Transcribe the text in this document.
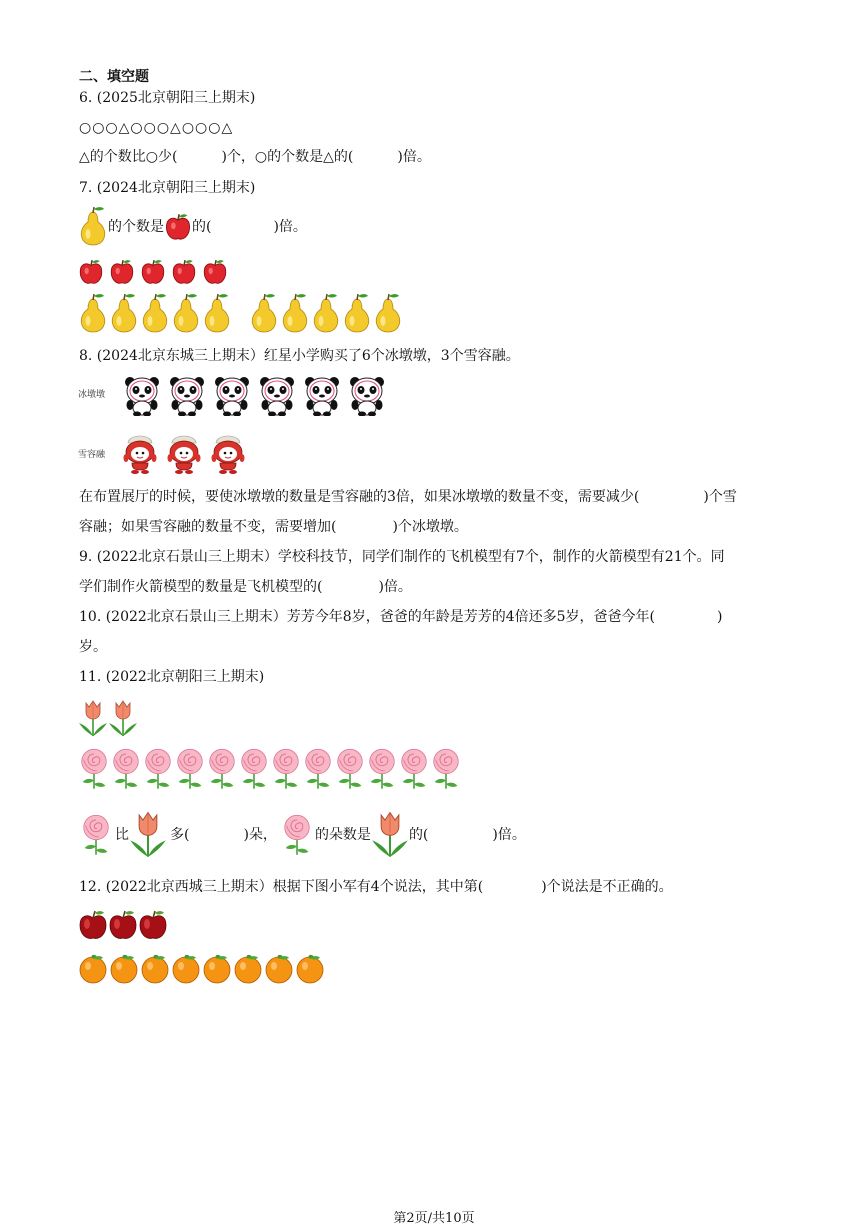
二、填空题
6. (2025北京朝阳三上期末)
○○○△○○○△○○○△
△的个数比○少(	)个，○的个数是△的(	)倍。
7. (2024北京朝阳三上期末)
的个数是 的(	)倍。
8. (2024北京东城三上期末）红星小学购买了6个冰墩墩，3个雪容融。
冰墩墩
雪容融
在布置展厅的时候，要使冰墩墩的数量是雪容融的3倍，如果冰墩墩的数量不变，需要减少(	)个雪
容融；如果雪容融的数量不变，需要增加(	)个冰墩墩。
9. (2022北京石景山三上期末）学校科技节，同学们制作的飞机模型有7个，制作的火箭模型有21个。同
学们制作火箭模型的数量是飞机模型的(	)倍。
10. (2022北京石景山三上期末）芳芳今年8岁，爸爸的年龄是芳芳的4倍还多5岁，爸爸今年(	)
岁。
11. (2022北京朝阳三上期末)
比	多(	)朵，	的朵数是	的(	)倍。
12. (2022北京西城三上期末）根据下图小军有4个说法，其中第(	)个说法是不正确的。
第2页/共10页
